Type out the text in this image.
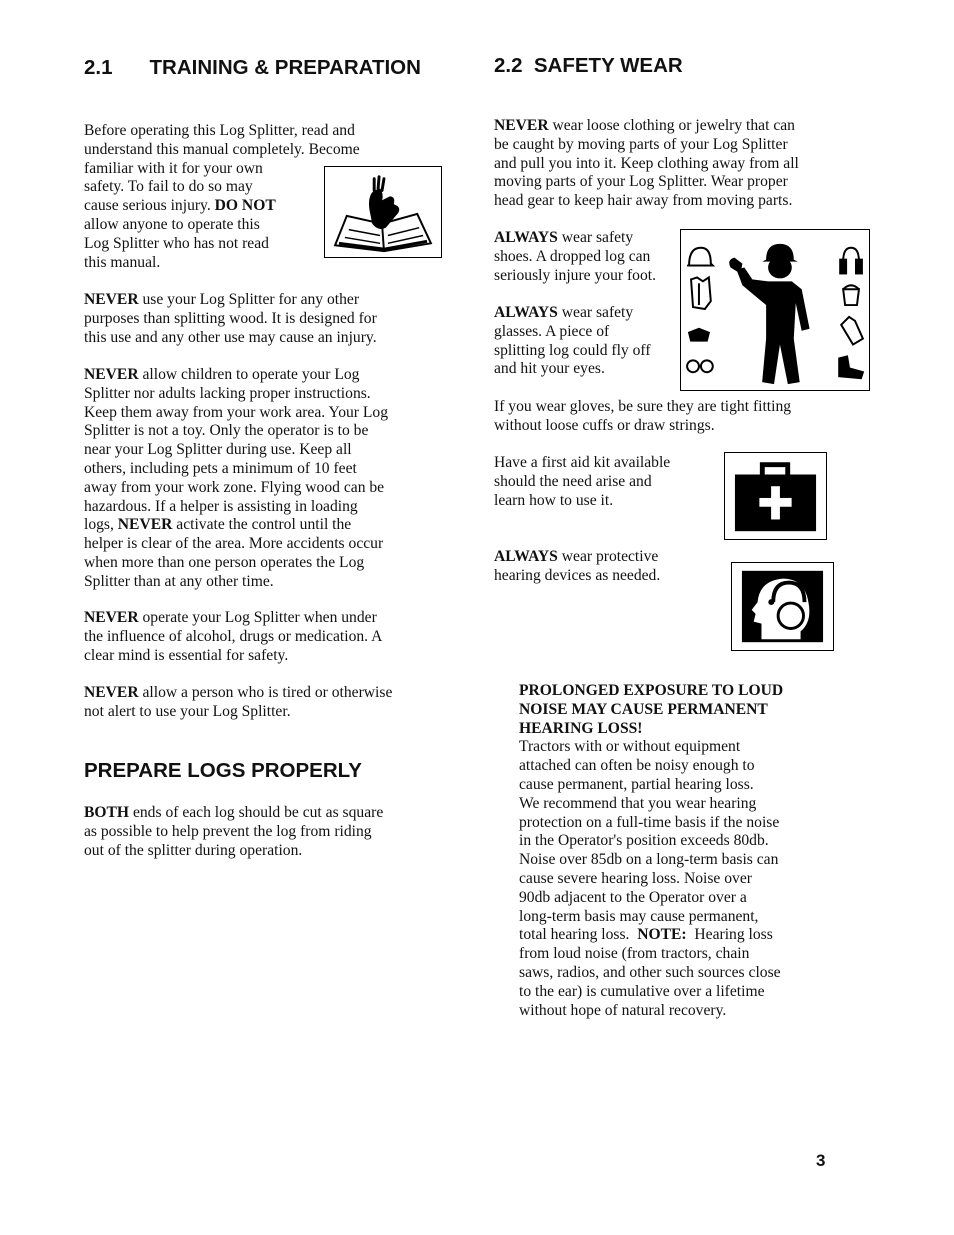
2.1 TRAINING & PREPARATION
Before operating this Log Splitter, read and
understand this manual completely. Become
familiar with it for your own
safety. To fail to do so may
cause serious injury. DO NOT
allow anyone to operate this
Log Splitter who has not read
this manual.
NEVER use your Log Splitter for any other
purposes than splitting wood. It is designed for
this use and any other use may cause an injury.
NEVER allow children to operate your Log
Splitter nor adults lacking proper instructions.
Keep them away from your work area. Your Log
Splitter is not a toy. Only the operator is to be
near your Log Splitter during use. Keep all
others, including pets a minimum of 10 feet
away from your work zone. Flying wood can be
hazardous. If a helper is assisting in loading
logs, NEVER activate the control until the
helper is clear of the area. More accidents occur
when more than one person operates the Log
Splitter than at any other time.
NEVER operate your Log Splitter when under
the influence of alcohol, drugs or medication. A
clear mind is essential for safety.
NEVER allow a person who is tired or otherwise
not alert to use your Log Splitter.
PREPARE LOGS PROPERLY
BOTH ends of each log should be cut as square
as possible to help prevent the log from riding
out of the splitter during operation.
2.2  SAFETY WEAR
NEVER wear loose clothing or jewelry that can
be caught by moving parts of your Log Splitter
and pull you into it. Keep clothing away from all
moving parts of your Log Splitter. Wear proper
head gear to keep hair away from moving parts.
ALWAYS wear safety
shoes. A dropped log can
seriously injure your foot.
ALWAYS wear safety
glasses. A piece of
splitting log could fly off
and hit your eyes.
If you wear gloves, be sure they are tight fitting
without loose cuffs or draw strings.
Have a first aid kit available
should the need arise and
learn how to use it.
ALWAYS wear protective
hearing devices as needed.
PROLONGED EXPOSURE TO LOUD
NOISE MAY CAUSE PERMANENT
HEARING LOSS!
Tractors with or without equipment
attached can often be noisy enough to
cause permanent, partial hearing loss.
We recommend that you wear hearing
protection on a full-time basis if the noise
in the Operator's position exceeds 80db.
Noise over 85db on a long-term basis can
cause severe hearing loss. Noise over
90db adjacent to the Operator over a
long-term basis may cause permanent,
total hearing loss.  NOTE:  Hearing loss
from loud noise (from tractors, chain
saws, radios, and other such sources close
to the ear) is cumulative over a lifetime
without hope of natural recovery.
3
